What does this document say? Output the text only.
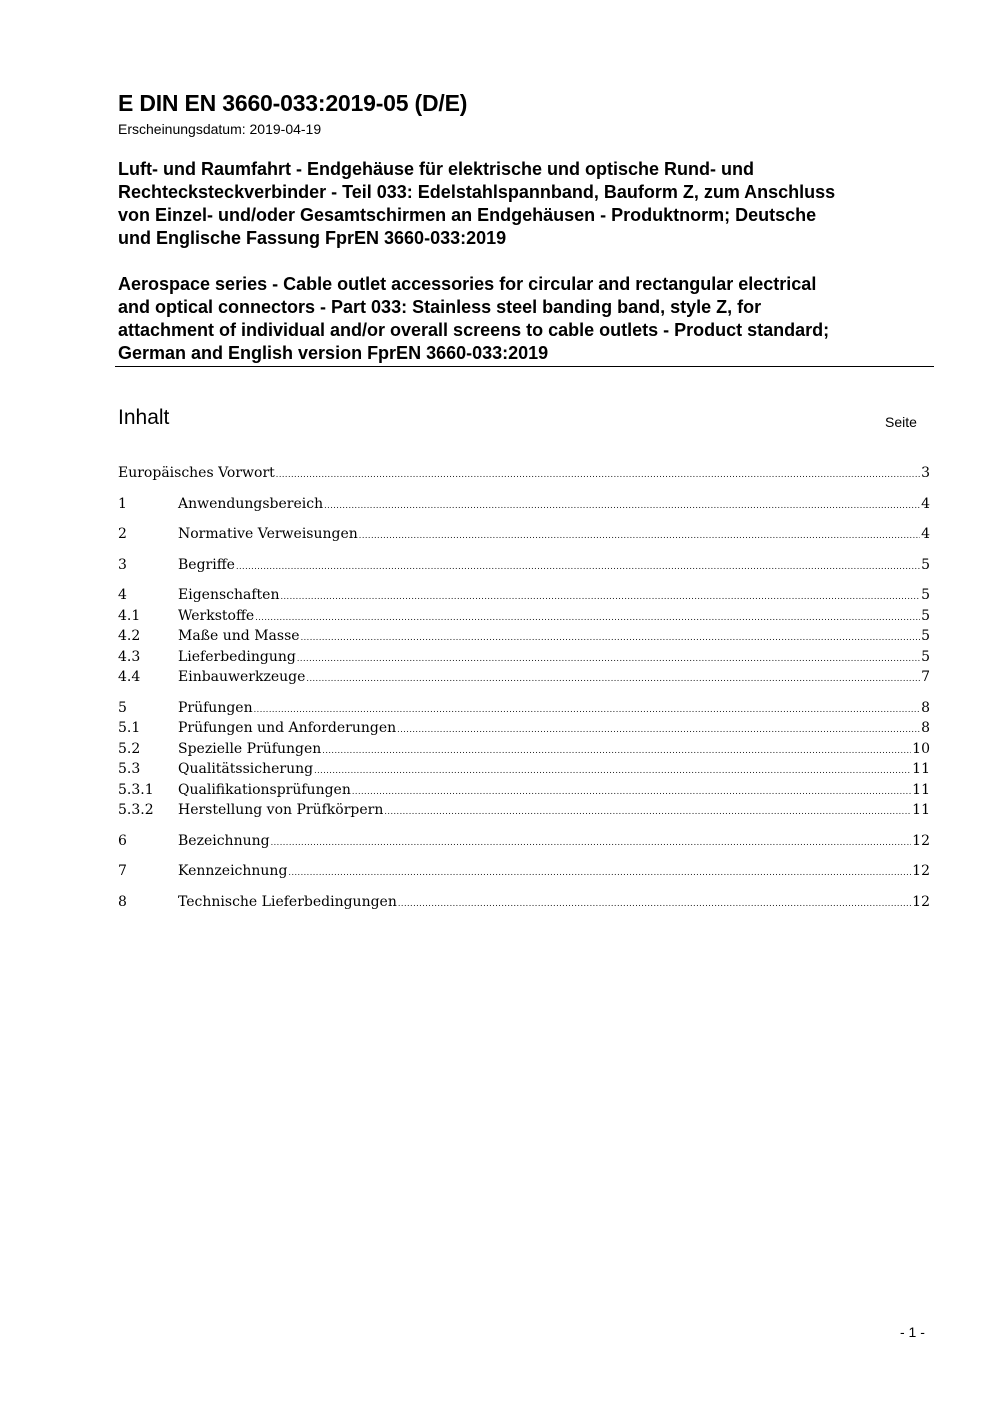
E DIN EN 3660-033:2019-05 (D/E)
Erscheinungsdatum: 2019-04-19
Luft- und Raumfahrt - Endgehäuse für elektrische und optische Rund- und
Rechtecksteckverbinder - Teil 033: Edelstahlspannband, Bauform Z, zum Anschluss
von Einzel- und/oder Gesamtschirmen an Endgehäusen - Produktnorm; Deutsche
und Englische Fassung FprEN 3660-033:2019
Aerospace series - Cable outlet accessories for circular and rectangular electrical
and optical connectors - Part 033: Stainless steel banding band, style Z, for
attachment of individual and/or overall screens to cable outlets - Product standard;
German and English version FprEN 3660-033:2019
Inhalt	Seite
Europäisches Vorwort .....	3
1	Anwendungsbereich .....	4
2	Normative Verweisungen .....	4
3	Begriffe .....	5
4	Eigenschaften .....	5
4.1	Werkstoffe .....	5
4.2	Maße und Masse .....	5
4.3	Lieferbedingung .....	5
4.4	Einbauwerkzeuge .....	7
5	Prüfungen .....	8
5.1	Prüfungen und Anforderungen .....	8
5.2	Spezielle Prüfungen .....	10
5.3	Qualitätssicherung .....	11
5.3.1	Qualifikationsprüfungen .....	11
5.3.2	Herstellung von Prüfkörpern .....	11
6	Bezeichnung .....	12
7	Kennzeichnung .....	12
8	Technische Lieferbedingungen .....	12
- 1 -
